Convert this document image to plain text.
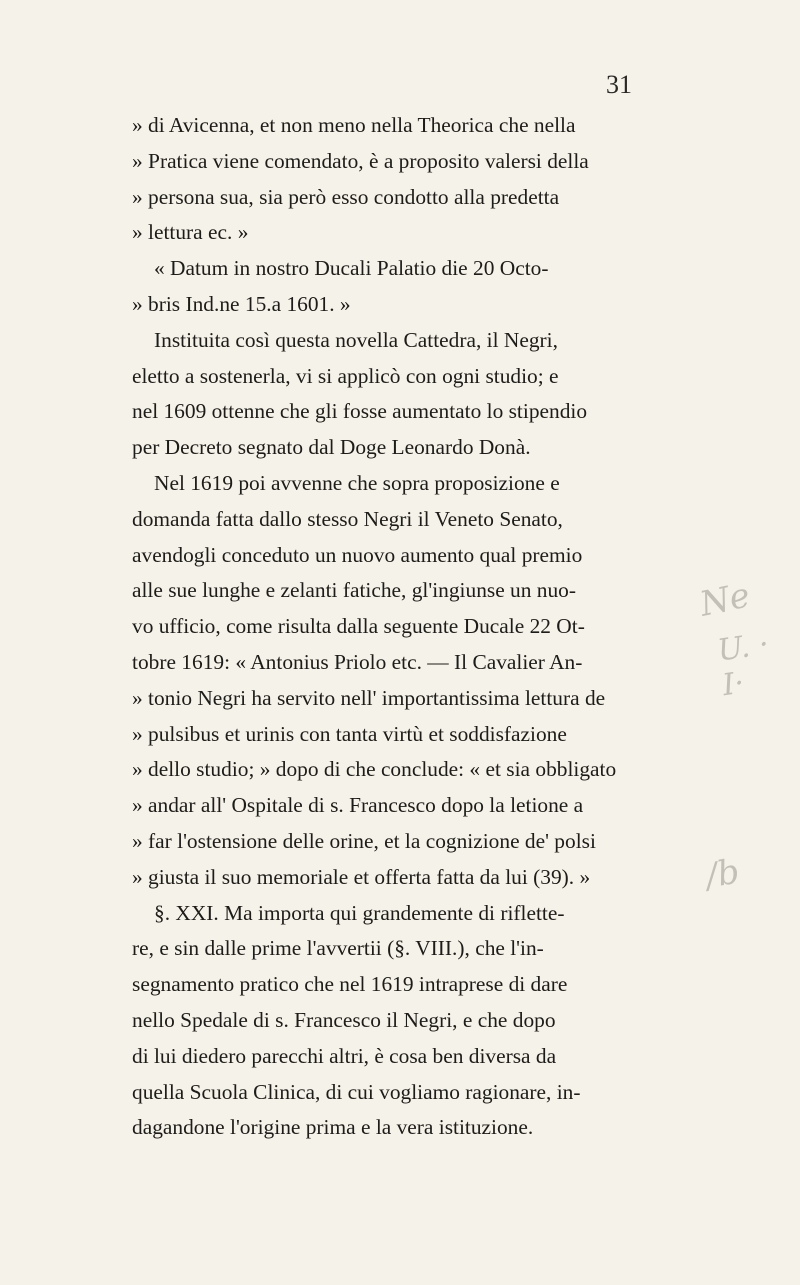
31
» di Avicenna, et non meno nella Theorica che nella
» Pratica viene comendato, è a proposito valersi della
» persona sua, sia però esso condotto alla predetta
» lettura ec. »
« Datum in nostro Ducali Palatio die 20 Octo-
» bris Ind.ne 15.a 1601. »
Instituita così questa novella Cattedra, il Negri,
eletto a sostenerla, vi si applicò con ogni studio; e
nel 1609 ottenne che gli fosse aumentato lo stipendio
per Decreto segnato dal Doge Leonardo Donà.
Nel 1619 poi avvenne che sopra proposizione e
domanda fatta dallo stesso Negri il Veneto Senato,
avendogli conceduto un nuovo aumento qual premio
alle sue lunghe e zelanti fatiche, gl'ingiunse un nuo-
vo ufficio, come risulta dalla seguente Ducale 22 Ot-
tobre 1619: « Antonius Priolo etc. — Il Cavalier An-
» tonio Negri ha servito nell' importantissima lettura de
» pulsibus et urinis con tanta virtù et soddisfazione
» dello studio; » dopo di che conclude: « et sia obbligato
» andar all' Ospitale di s. Francesco dopo la letione a
» far l'ostensione delle orine, et la cognizione de' polsi
» giusta il suo memoriale et offerta fatta da lui (39). »
§. XXI. Ma importa qui grandemente di riflette-
re, e sin dalle prime l'avvertii (§. VIII.), che l'in-
segnamento pratico che nel 1619 intraprese di dare
nello Spedale di s. Francesco il Negri, e che dopo
di lui diedero parecchi altri, è cosa ben diversa da
quella Scuola Clinica, di cui vogliamo ragionare, in-
dagandone l'origine prima e la vera istituzione.
Ne
U. · I·
/b
